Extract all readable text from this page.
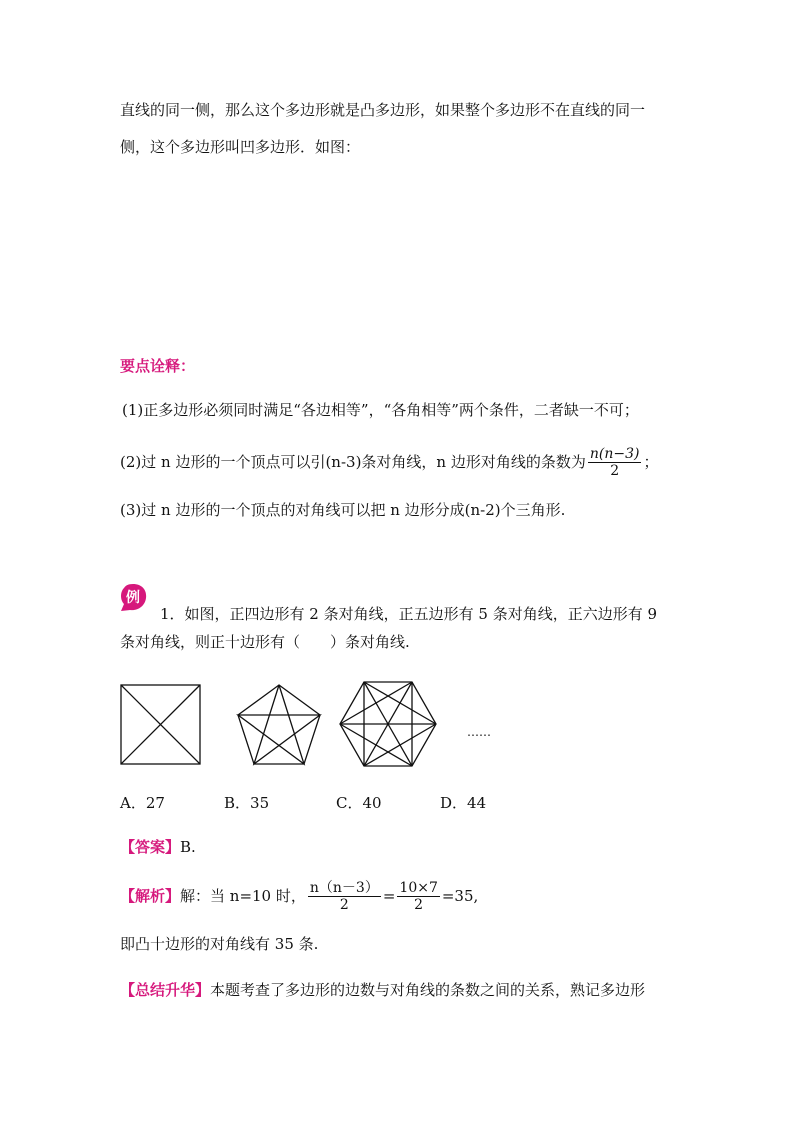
直线的同一侧，那么这个多边形就是凸多边形，如果整个多边形不在直线的同一
侧，这个多边形叫凹多边形．如图：
要点诠释：
(1)正多边形必须同时满足“各边相等”，“各角相等”两个条件，二者缺一不可；
(2)过 n 边形的一个顶点可以引(n-3)条对角线，n 边形对角线的条数为 $\frac{n(n-3)}{2}$ ；
(3)过 n 边形的一个顶点的对角线可以把 n 边形分成(n-2)个三角形.
例
1．如图，正四边形有 2 条对角线，正五边形有 5 条对角线，正六边形有 9
条对角线，则正十边形有（　　）条对角线.
……
A．27	B．35	C．40	D．44
【答案】B.
【解析】 解：当 n=10 时， $\frac{n(n-3)}{2} = \frac{10\times 7}{2} =35$,
即凸十边形的对角线有 35 条.
【总结升华】本题考查了多边形的边数与对角线的条数之间的关系，熟记多边形
